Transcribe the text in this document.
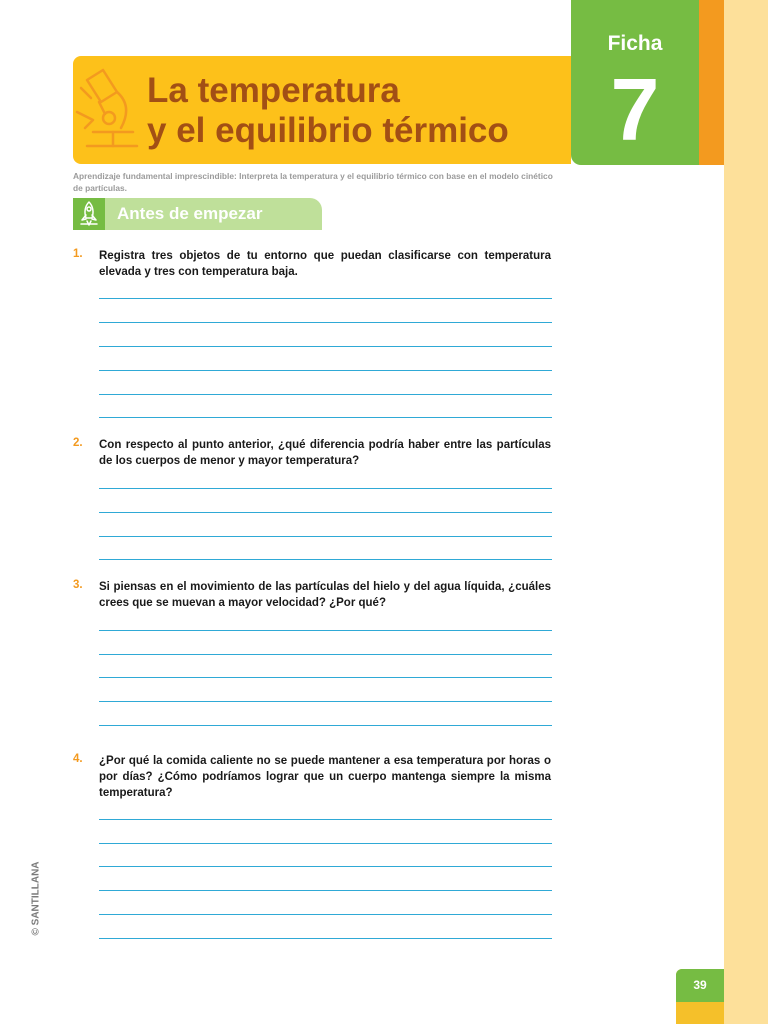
Ficha
7
La temperatura
y el equilibrio térmico
Aprendizaje fundamental imprescindible: Interpreta la temperatura y el equilibrio térmico con base en el modelo cinético de partículas.
Antes de empezar
1. Registra tres objetos de tu entorno que puedan clasificarse con temperatura elevada y tres con temperatura baja.
2. Con respecto al punto anterior, ¿qué diferencia podría haber entre las partículas de los cuerpos de menor y mayor temperatura?
3. Si piensas en el movimiento de las partículas del hielo y del agua líquida, ¿cuáles crees que se muevan a mayor velocidad? ¿Por qué?
4. ¿Por qué la comida caliente no se puede mantener a esa temperatura por horas o por días? ¿Cómo podríamos lograr que un cuerpo mantenga siempre la misma temperatura?
© SANTILLANA
39
